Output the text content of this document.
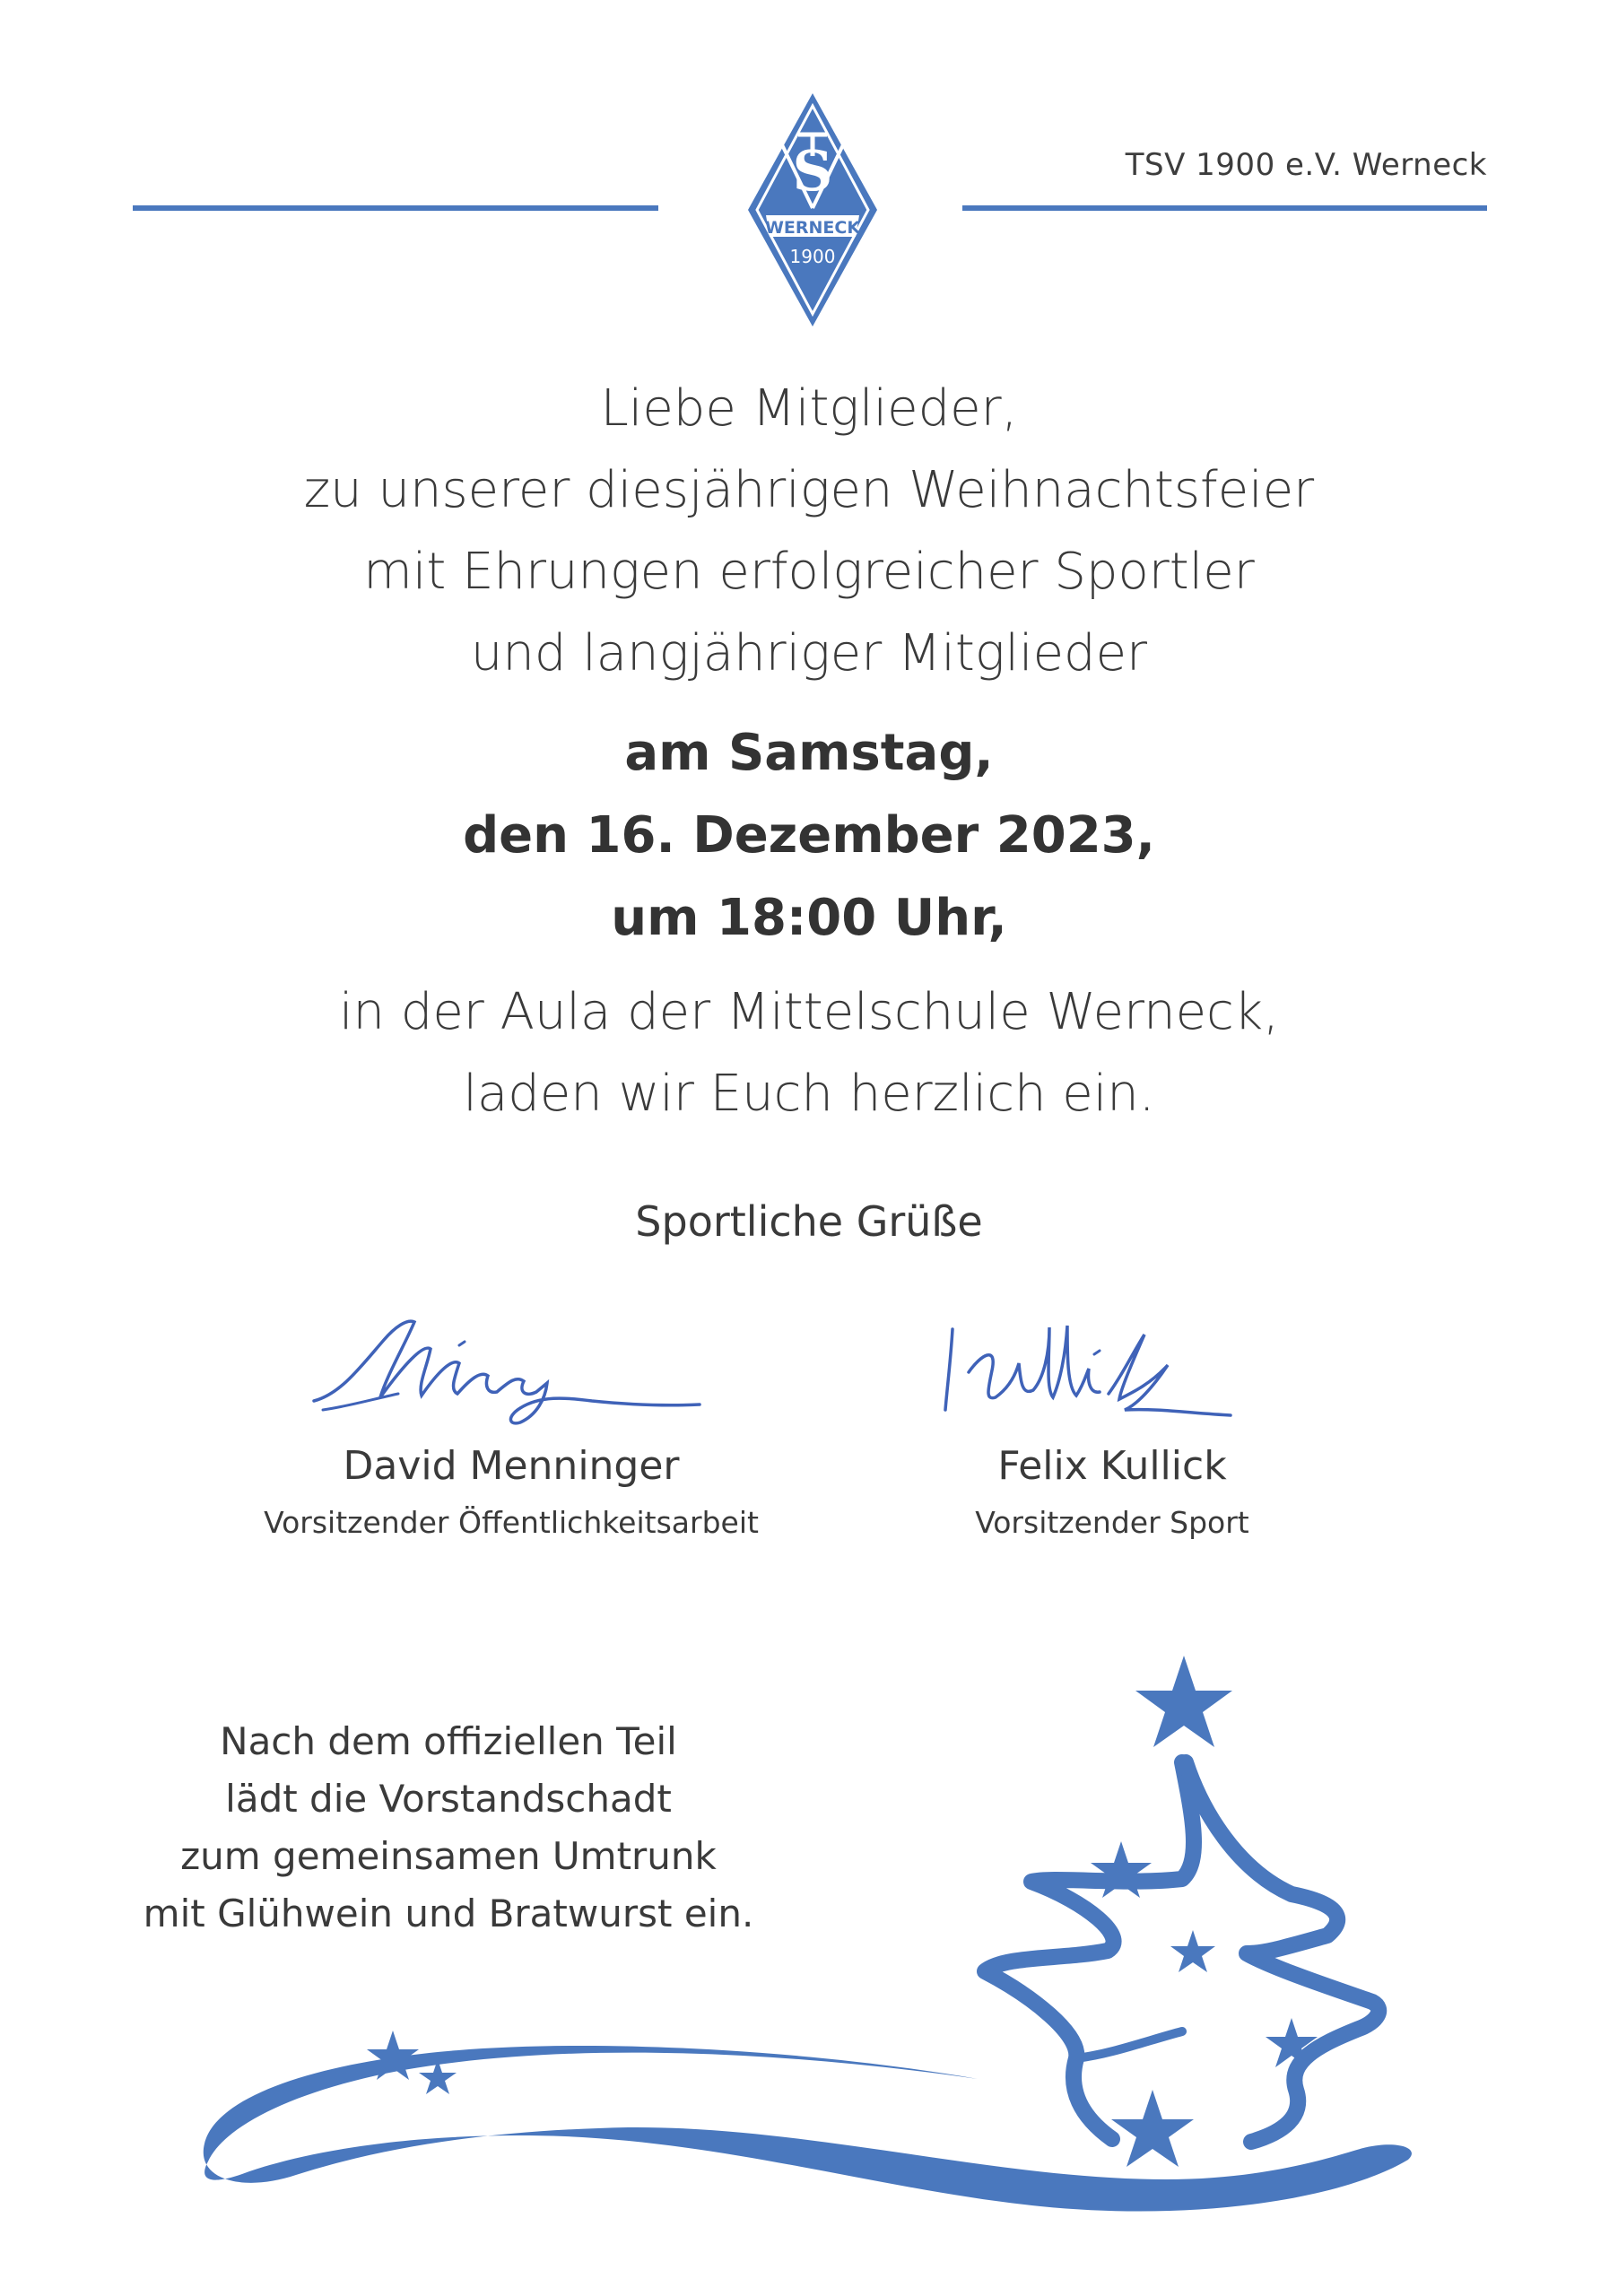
TSV 1900 e.V. Werneck
S
WERNECK
1900
Liebe Mitglieder,
zu unserer diesjährigen Weihnachtsfeier
mit Ehrungen erfolgreicher Sportler
und langjähriger Mitglieder
am Samstag,
den 16. Dezember 2023,
um 18:00 Uhr,
in der Aula der Mittelschule Werneck,
laden wir Euch herzlich ein.
Sportliche Grüße
David Menninger
Vorsitzender Öffentlichkeitsarbeit
Felix Kullick
Vorsitzender Sport
Nach dem offiziellen Teil
lädt die Vorstandschadt
zum gemeinsamen Umtrunk
mit Glühwein und Bratwurst ein.
